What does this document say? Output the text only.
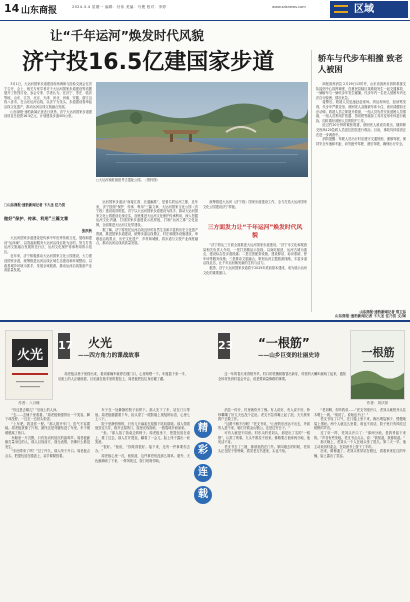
14 山东商报	2024.3.4 星期一 编辑：付伟 美编：马俊 校对：李婷	www.sdsnews.com	区域
让“千年运河”焕发时代风貌
济宁投16.5亿建国家步道

3月1日，大运河国家步道建设现场调研与经验交流会在济宁召开，会上，相关专家学者对于大运河国家步道建设等话题展开了热烈讨论，参会专家、学者认为，在济宁、枣庄、临沂等地，山东、江苏、北京、天津、河北、河南、安徽、浙江沿线八省市，在山东运河沿线，以济宁为龙头，步道建设将串起沿线文化遗产，推动运河沿线文旅融合发展。

山东商报·速豹新闻记者近日获悉，济宁大运河国家步道建设项目总投资16.5亿元，计划建设步道455公里。

□山东商报·速豹新闻记者 卞大圣 任乃贺
做好“保护、传承、利用”三篇文章
张洪秋

大运河国家步道建设是传承中华优秀传统文化，展现和建设“运河魂”，以造福和服务大运河沿线百姓为目的，努力打造运河文旅融合发展的先行区、运河文化保护传承利用的示范区。

近年来，济宁积极推动大运河国家文化公园建设，大力建设国家步道，统筹推进运河沿线区域生态建设和环境整治，以改善城乡环境为抓手，发展全域旅游，推动运河沿线旅游产业高质量发展。

□大运河南旺枢纽考古遗址公园。（资料图）

运河国家步道从“南接江淮、北通幽燕”，是著名的运河之都，近年来，济宁按照“保护、传承、利用”三篇文章，大运河国家文化公园（济宁段）建设成效明显，济宁以大运河国家步道建设为抓手，推动大运河国家文化公园建设走深走实，加快推进大运河文化保护传承利用，深入挖掘运河文化内涵，打造国家步道建设示范样板，打响“运河之都”文化品牌，全面推进大运河文化带建设。

据了解，济宁将依托运河沿线良好的自然生态和丰富的历史文化遗产资源，推进国家步道建设，统筹步道沿线景区、村庄和服务设施建设，串联起沿线景点、历史文化遗产、乡村和城镇，将步道与文旅产业深度融合，推动运河沿线高质量发展。

统筹推进大运河（济宁段）国家步道建设工作，全力打造大运河国家文化公园建设济宁样板。

三方面发力让“千年运河”焕发时代风貌

“济宁将从三方面全面推进大运河国家步道建设。”济宁市文化和旅游局相关负责人介绍，一是打造精品示范段，以南旺枢纽、运河古城为重点，建设标志性步道段落；二是完善配套设施，建设驿站、标识系统、停车场等服务设施；三是推动文旅融合，策划运河主题旅游线路，丰富步道沿线业态，让千年运河焕发新的生机与活力。

据悉，济宁大运河国家步道将于2025年底前基本建成，成为展示运河文化的重要窗口。

山东商报·速豹新闻记者 卞大圣 任乃贺 文/图
轿车与代步车相撞 致老人被困

商报滨州消息 2月29日13时许，山东省滨州市消防救援支队接到中心指挥调度，在惠民县辖区某路段发生一起交通事故，一辆轿车与一辆代步车发生碰撞，代步车内一名老人被困车内无法自行脱困，情况危急。

接警后，救援人员迅速赶赴现场。到达现场后，经侦察发现，代步车严重变形，被困老人双腿被车体卡住，意识清醒但无法动弹。救援人员立即展开救援，一组人员负责安抚被困人员情绪，一组人员利用扩张器、剪切钳等破拆工具对变形车体进行破拆，同时做好被困人员的防护工作。

经过约20分钟的紧张救援，被困老人被成功救出，随即移交现场120急救人员送往医院进行救治。目前，事故具体原因正在进一步调查中。

消防提醒：驾驶人员出行时应遵守交通规则，谨慎驾驶，保持安全车速和车距，切勿疲劳驾驶、酒后驾驶，确保出行安全。

山东商报·速豹新闻记者 郑卫东
火光
作者：八月蛛
17 火光
——四方角力的谍战故事
周老板从巷子里拐出来，看到那辆车就停在楼门口，心里咯噔一下。车窗摇下来一半，后座上的人正朝他看，目光落在他手里的提包上，周老板把包往身后藏了藏。

“你这是去哪儿？”后座上的人问。

“去……去铺子里看看。”周老板勉强挤出一个笑容，脚下却没停，一边走一边回头张望。

“上车吧，我送你一程。”那人推开车门，语气不容置疑。周老板犹豫了片刻，最终还是弯腰钻进了车里，车子缓缓驶离了巷口。

车厢里一片沉默，只有发动机低沉的轰鸣声。周老板偷偷打量身边的人，那人目视前方，面无表情，仿佛什么都没发生。

“东西带来了吗？”过了许久，那人终于开口。周老板点点头，把提包放在膝盖上，双手紧紧按着。

车子在一处僻静的院子前停下。那人先下了车，站在门口等他。周老板磨蹭着下车，抬头望了一眼院墙上斑驳的标语，心里七上八下。

院子里静悄悄的，只有几只麻雀在屋檐下叽叽喳喳。那人领着他穿过天井，推开正屋的门，屋里光线昏暗，一股霉味扑面而来。

“坐。”那人指了指桌边的椅子。周老板坐下，把提包放在桌上，推了过去。那人打开提包，翻看了一会儿，脸上终于露出一丝笑意。

“很好。”他说，“你做得很好。接下来，还有一件事要你去办。”

周老板心里一沉，他知道，这件事恐怕没那么简单。窗外，天色渐渐暗了下来，一阵风吹过，院门吱呀作响。

精
彩
连
载
23 “一根筋”
——山乡巨变的壮丽史诗
这一年的春天来得格外早，村口的老槐树刚冒出新芽，村里的大喇叭就响了起来，通知全体村民到村委会开会，说是要商量修路的事情。
一根筋
作者：刘庆邦

消息一传开，村里就炸开了锅。有人说好，有人说不好，吵吵嚷嚷了好几天也没个定论。老支书急得嘴上起了泡，天天挨家挨户去做工作。

“这路不修不行啊！”老支书说，“山里的东西运不出去，外面的人进不来，咱们守着金山银山，还是过穷日子。”

可有人就是不同意。村东头的老刘头，那是出了名的“一根筋”，认准了的事，九头牛都拉不回来。修路要占他家两分地，他死活不肯。

老支书去了三趟，都被他挡在门外。第四趟去的时候，老刘头正在院子里劈柴，看见老支书进来，头也不抬。

“老刘啊，你听我说……”老支书刚开口，老刘头就把斧头往木墩上一剁，“别说了，说啥也不让！”

老支书叹了口气，在门槛上坐下来，掏出烟袋锅子，慢慢地装上烟丝。两个人就这么坐着，谁也不说话，院子里只有风吹过树梢的声音。

过了好一阵，老刘头开口了：“那两分地，是我爹留下来的。”声音有些发哑。老支书点点头，说：“我知道，我都知道。”

那天晚上，老刘头一个人在地头坐了很久。第二天一早，他主动来到村委会，在同意书上按下了手印。

后来，路修通了。老刘头常常站在路边，看着来来往往的车辆，脸上露出了笑容。
